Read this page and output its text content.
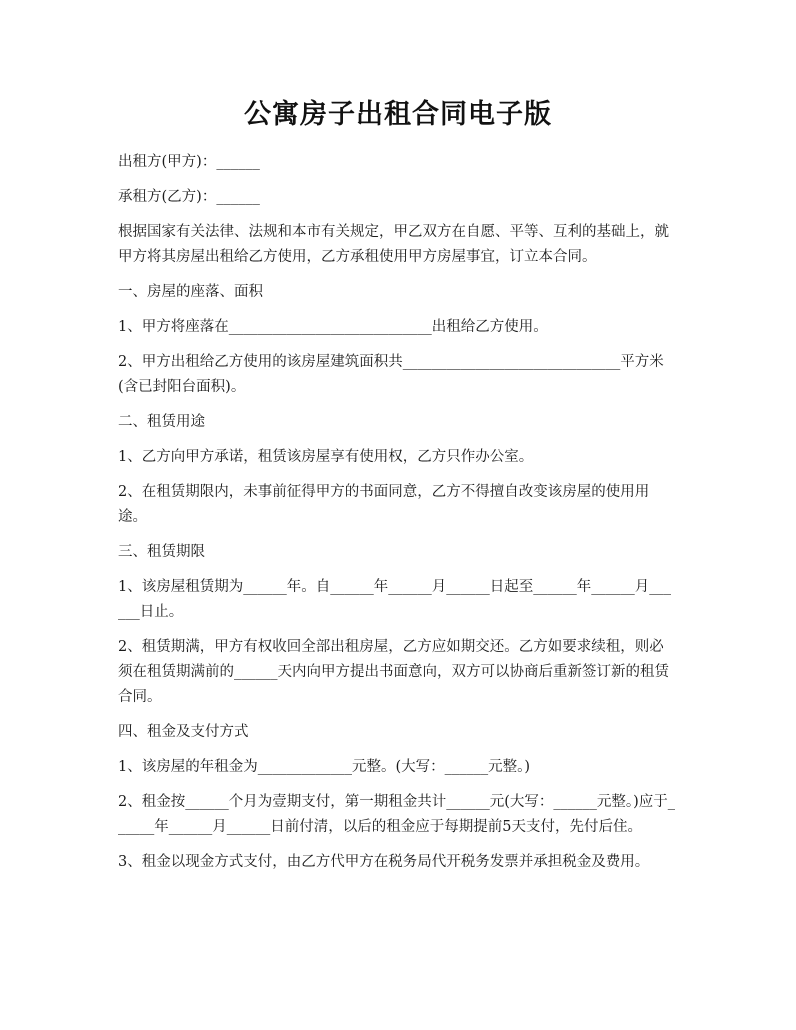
公寓房子出租合同电子版

出租方(甲方)：______

承租方(乙方)：______

根据国家有关法律、法规和本市有关规定，甲乙双方在自愿、平等、互利的基础上，就甲方将其房屋出租给乙方使用，乙方承租使用甲方房屋事宜，订立本合同。

一、房屋的座落、面积

1、甲方将座落在____________________________出租给乙方使用。

2、甲方出租给乙方使用的该房屋建筑面积共______________________________平方米(含已封阳台面积)。

二、租赁用途

1、乙方向甲方承诺，租赁该房屋享有使用权，乙方只作办公室。

2、在租赁期限内，未事前征得甲方的书面同意，乙方不得擅自改变该房屋的使用用途。

三、租赁期限

1、该房屋租赁期为______年。自______年______月______日起至______年______月______日止。

2、租赁期满，甲方有权收回全部出租房屋，乙方应如期交还。乙方如要求续租，则必须在租赁期满前的______天内向甲方提出书面意向，双方可以协商后重新签订新的租赁合同。

四、租金及支付方式

1、该房屋的年租金为_____________元整。(大写：______元整。)

2、租金按______个月为壹期支付，第一期租金共计______元(大写：______元整。)应于______年______月______日前付清，以后的租金应于每期提前5天支付，先付后住。

3、租金以现金方式支付，由乙方代甲方在税务局代开税务发票并承担税金及费用。
